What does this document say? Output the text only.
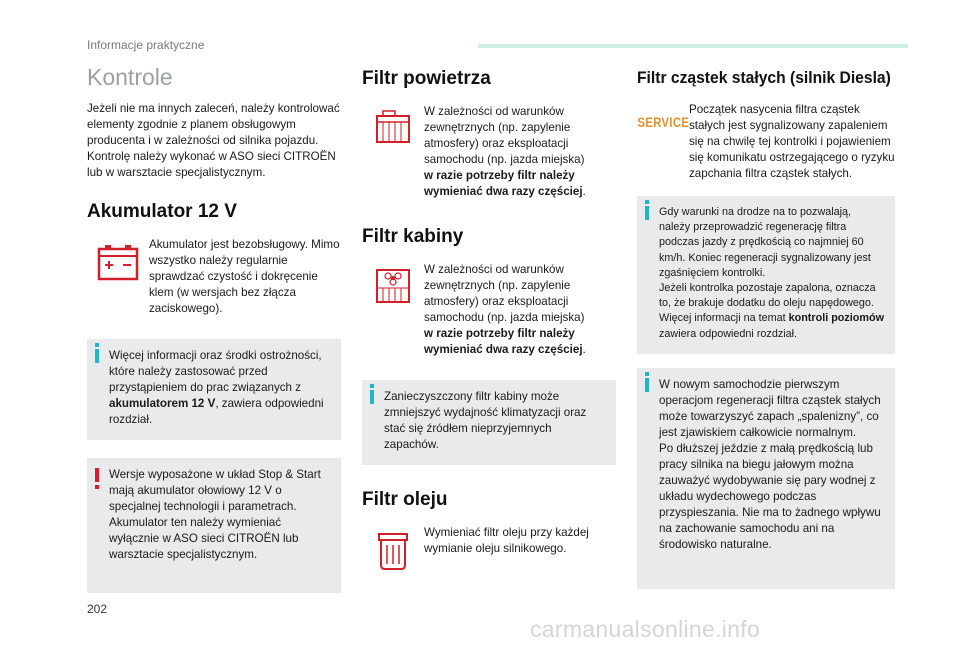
Informacje praktyczne
Kontrole

Jeżeli nie ma innych zaleceń, należy kontrolować elementy zgodnie z planem obsługowym producenta i w zależności od silnika pojazdu.

Kontrolę należy wykonać w ASO sieci CITROËN lub w warsztacie specjalistycznym.

Akumulator 12 V

Akumulator jest bezobsługowy. Mimo wszystko należy regularnie sprawdzać czystość i dokręcenie klem (w wersjach bez złącza zaciskowego).

Więcej informacji oraz środki ostrożności, które należy zastosować przed przystąpieniem do prac związanych z akumulatorem 12 V, zawiera odpowiedni rozdział.
Wersje wyposażone w układ Stop & Start mają akumulator ołowiowy 12 V o specjalnej technologii i parametrach. Akumulator ten należy wymieniać wyłącznie w ASO sieci CITROËN lub warsztacie specjalistycznym.
Filtr powietrza

W zależności od warunków zewnętrznych (np. zapylenie atmosfery) oraz eksploatacji samochodu (np. jazda miejska)

w razie potrzeby filtr należy wymieniać dwa razy częściej.

Filtr kabiny

W zależności od warunków zewnętrznych (np. zapylenie atmosfery) oraz eksploatacji samochodu (np. jazda miejska)

w razie potrzeby filtr należy wymieniać dwa razy częściej.

Zanieczyszczony filtr kabiny może zmniejszyć wydajność klimatyzacji oraz stać się źródłem nieprzyjemnych zapachów.
Filtr oleju

Wymieniać filtr oleju przy każdej wymianie oleju silnikowego.

Filtr cząstek stałych (silnik Diesla)
SERVICE

Początek nasycenia filtra cząstek stałych jest sygnalizowany zapaleniem się na chwilę tej kontrolki i pojawieniem się komunikatu ostrzegającego o ryzyku zapchania filtra cząstek stałych.

Gdy warunki na drodze na to pozwalają, należy przeprowadzić regenerację filtra podczas jazdy z prędkością co najmniej 60 km/h. Koniec regeneracji sygnalizowany jest zgaśnięciem kontrolki.
Jeżeli kontrolka pozostaje zapalona, oznacza to, że brakuje dodatku do oleju napędowego. Więcej informacji na temat kontroli poziomów zawiera odpowiedni rozdział.
W nowym samochodzie pierwszym operacjom regeneracji filtra cząstek stałych może towarzyszyć zapach „spalenizny”, co jest zjawiskiem całkowicie normalnym.
Po dłuższej jeździe z małą prędkością lub pracy silnika na biegu jałowym można zauważyć wydobywanie się pary wodnej z układu wydechowego podczas przyspieszania. Nie ma to żadnego wpływu na zachowanie samochodu ani na środowisko naturalne.
202
carmanualsonline.info
